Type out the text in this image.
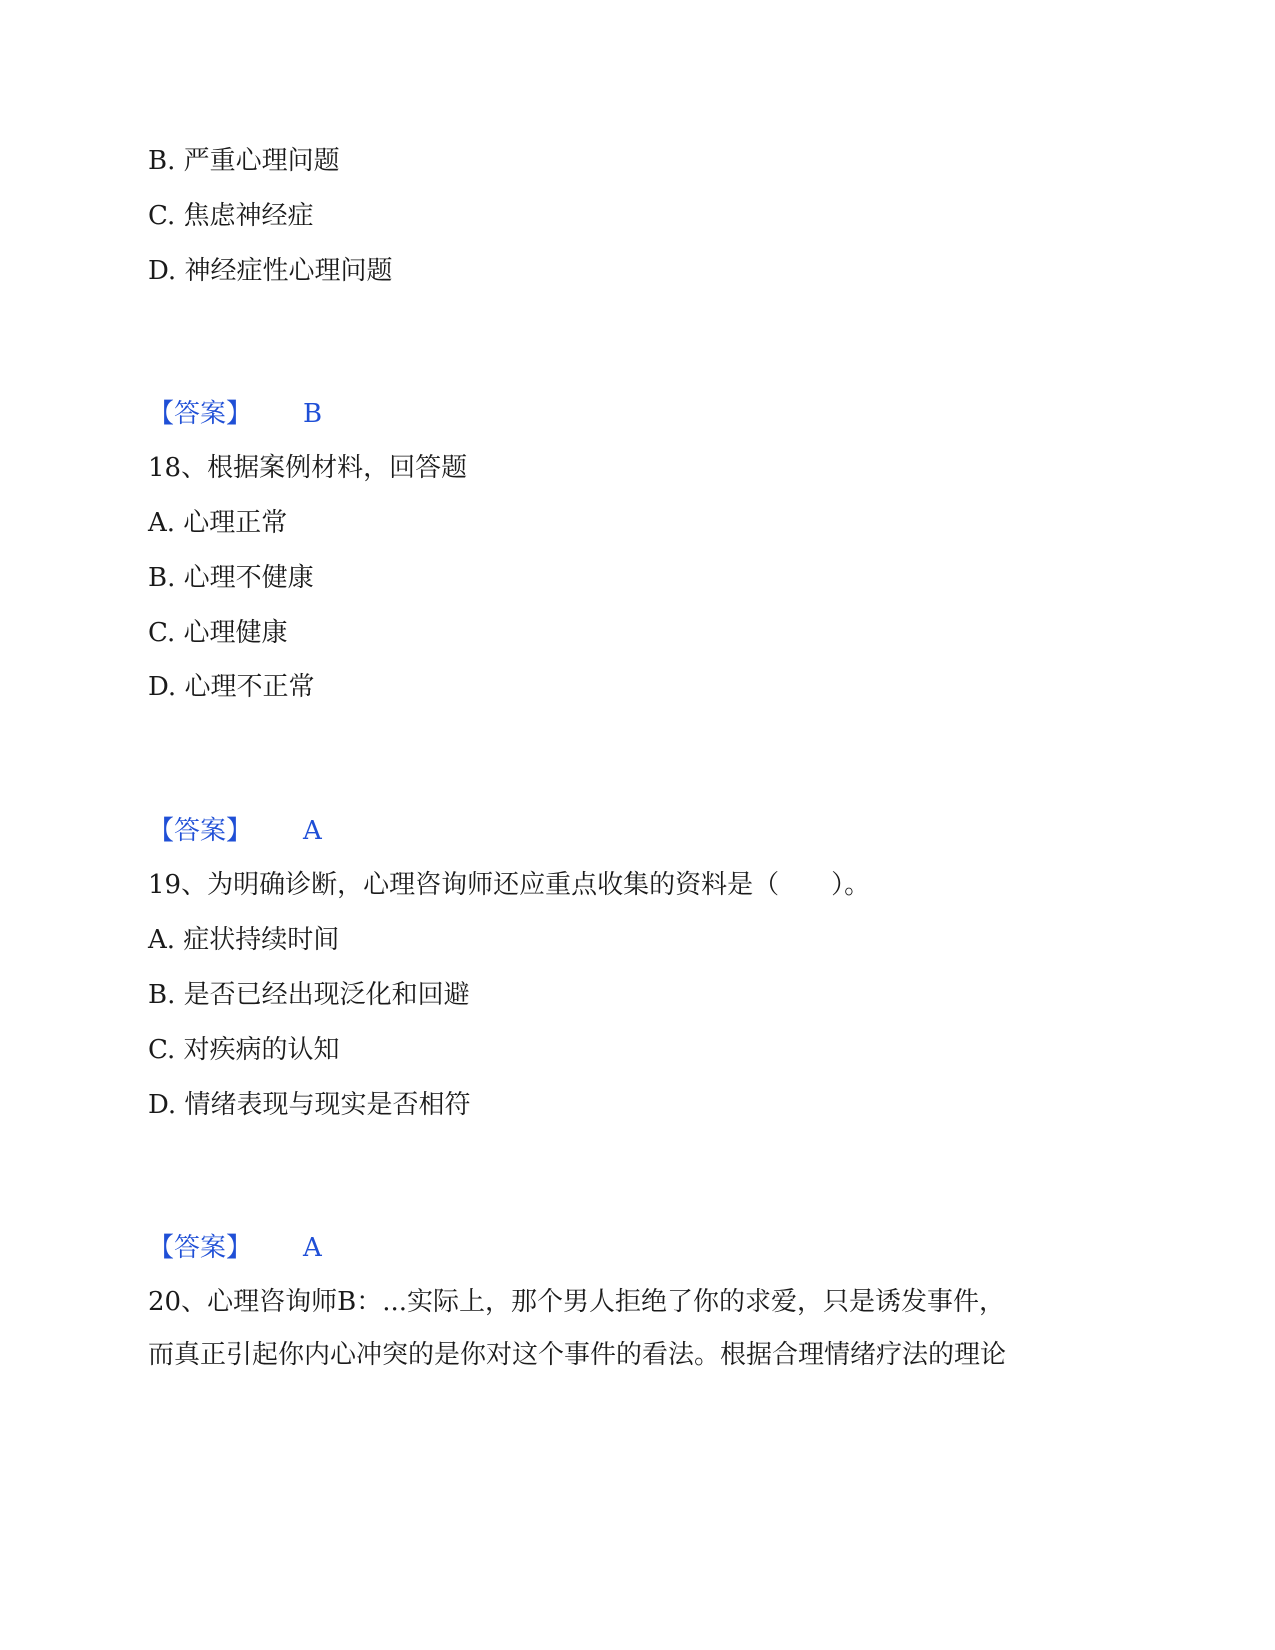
B. 严重心理问题

C. 焦虑神经症

D. 神经症性心理问题

【答案】 B

18、根据案例材料，回答题

A. 心理正常

B. 心理不健康

C. 心理健康

D. 心理不正常

【答案】 A

19、为明确诊断，心理咨询师还应重点收集的资料是（　　）。

A. 症状持续时间

B. 是否已经出现泛化和回避

C. 对疾病的认知

D. 情绪表现与现实是否相符

【答案】 A

20、心理咨询师B：...实际上，那个男人拒绝了你的求爱，只是诱发事件，

而真正引起你内心冲突的是你对这个事件的看法。根据合理情绪疗法的理论
